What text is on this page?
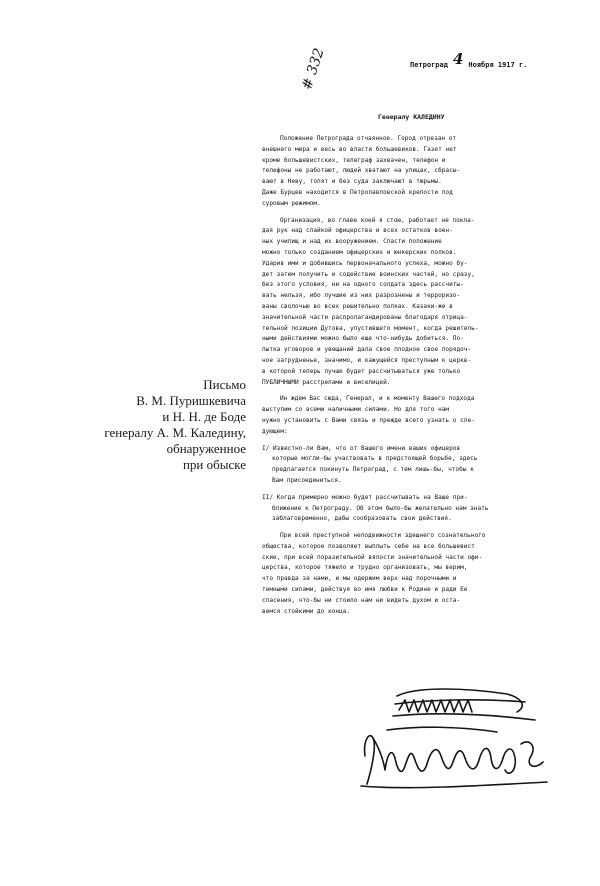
Письмо
В. М. Пуришкевича
и Н. Н. де Боде
генералу А. М. Каледину,
обнаруженное
при обыске
Петроград 4 Ноября 1917 г.
# 332
Генералу КАЛЕДИНУ
Положение Петрограда отчаянное. Город отрезан от
внешнего мира и весь во власти большевиков. Газет нет
кроме большевистских, телеграф захвачен, телефон и
телефоны не работают, людей хватают на улицах, сбрасы-
вают в Неву, топят и без суда заключают в тюрьмы.
Даже Бурцев находится в Петропавловской крепости под
суровым режимом.
Организация, во главе коей я стою, работает не покла-
дая рук над спайкой офицерства и всех остатков воен-
ных училищ и над их вооружением. Спасти положение
можно только созданием офицерских и юнкерских полков.
Ударив ими и добившись первоначального успеха, можно бу-
дет затем получить и содействие воинских частей, но сразу,
без этого условия, ни на одного солдата здесь рассчиты-
вать нельзя, ибо лучшие из них разрознены и терроризо-
ваны сволочью во всех решительно полках. Казаки-же в
значительной части распропагандированы благодаря отрица-
тельной позиции Дутова, упустившего момент, когда решитель-
ными действиями можно было еще что-нибудь добиться. По-
пытка уговоров и увещаний дала свое плодное свое порядоч-
ное затрудненье, значимо, и кажущейся преступным к церкв-
в которой теперь лучше будет рассчитываться уже только
ПУБЛИЧНЫМИ расстрелами и виселицей.
Ин ждем Вас сюда, Генерал, и к моменту Вашего подхода
выступим со всеми наличными силами. Но для того нам
нужно установить с Вами связь и прежде всего узнать о сле-
дующем:
I/ Известно-ли Вам, что от Вашего имени ваших офицеров
которые могли-бы участвовать в предстоящей борьбе, здесь
предлагается покинуть Петроград, с тем лишь-бы, чтобы к
Вам присоединиться.
II/ Когда примерно можно будет рассчитывать на Ваше при-
ближение к Петрограду. Об этом было-бы желательно нам знать
заблаговременно, дабы сообразовать свои действия.
При всей преступной неподвижности здешнего сознательного
общества, которое позволяет выплыть себе на все большевист
ские, при всей поразительной вялости значительной части офи-
церства, которое тяжело и трудно организовать, мы верим,
что правда за нами, и мы одержим верх над порочными и
темными силами, действуя во имя любви к Родине и ради Ее
спасения, что-бы ни стоило нам ни видеть духом и оста-
вемся стойкими до конца.
